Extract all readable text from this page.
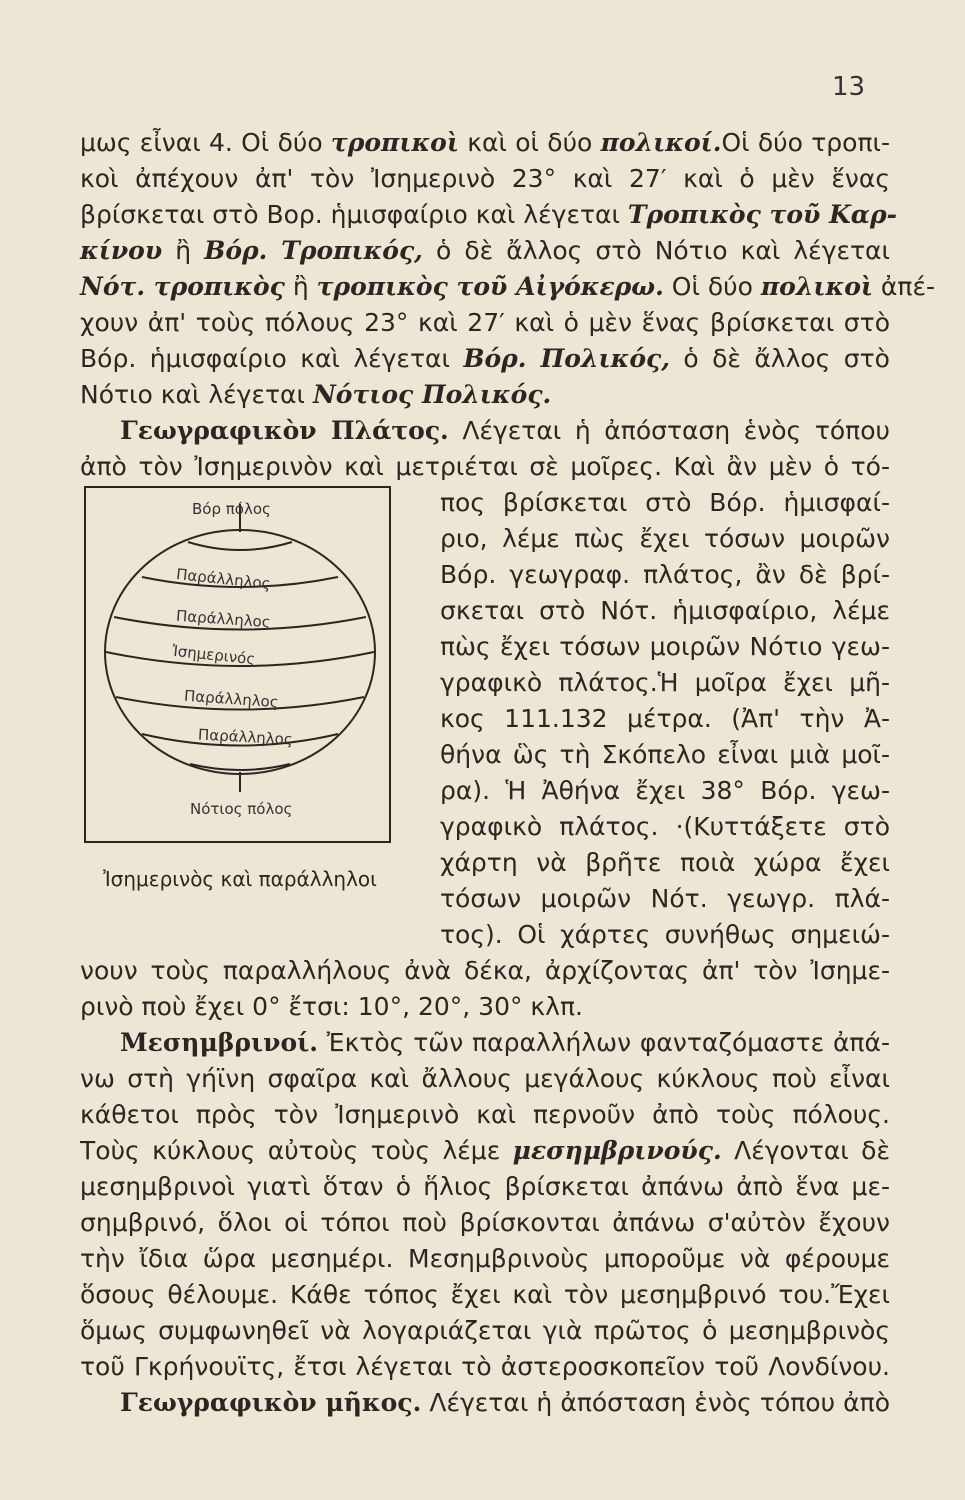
13
μως εἶναι 4. Οἱ δύο τροπικοὶ καὶ οἱ δύο πολικοί.Οἱ δύο τροπι-
κοὶ ἀπέχουν ἀπ' τὸν Ἰσημερινὸ 23° καὶ 27′ καὶ ὁ μὲν ἕνας
βρίσκεται στὸ Βορ. ἡμισφαίριο καὶ λέγεται Τροπικὸς τοῦ Καρ-
κίνου ἢ Βόρ. Τροπικός, ὁ δὲ ἄλλος στὸ Νότιο καὶ λέγεται
Νότ. τροπικὸς ἢ τροπικὸς τοῦ Αἰγόκερω. Οἱ δύο πολικοὶ ἀπέ-
χουν ἀπ' τοὺς πόλους 23° καὶ 27′ καὶ ὁ μὲν ἕνας βρίσκεται στὸ
Βόρ. ἡμισφαίριο καὶ λέγεται Βόρ. Πολικός, ὁ δὲ ἄλλος στὸ
Νότιο καὶ λέγεται Νότιος Πολικός.
Γεωγραφικὸν Πλάτος. Λέγεται ἡ ἀπόσταση ἑνὸς τόπου
ἀπὸ τὸν Ἰσημερινὸν καὶ μετριέται σὲ μοῖρες. Καὶ ἂν μὲν ὁ τό-
πος βρίσκεται στὸ Βόρ. ἡμισφαί-
ριο, λέμε πὼς ἔχει τόσων μοιρῶν
Βόρ. γεωγραφ. πλάτος, ἂν δὲ βρί-
σκεται στὸ Νότ. ἡμισφαίριο, λέμε
πὼς ἔχει τόσων μοιρῶν Νότιο γεω-
γραφικὸ πλάτος.Ἡ μοῖρα ἔχει μῆ-
κος 111.132 μέτρα. (Ἀπ' τὴν Ἀ-
θήνα ὣς τὴ Σκόπελο εἶναι μιὰ μοῖ-
ρα). Ἡ Ἀθήνα ἔχει 38° Βόρ. γεω-
γραφικὸ πλάτος. ·(Κυττάξετε στὸ
χάρτη νὰ βρῆτε ποιὰ χώρα ἔχει
τόσων μοιρῶν Νότ. γεωγρ. πλά-
τος). Οἱ χάρτες συνήθως σημειώ-
Βόρ πόλος
Παράλληλος
Παράλληλος
Ἰσημερινός
Παράλληλος
Παράλληλος
Νότιος πόλος
Ἰσημερινὸς καὶ παράλληλοι
νουν τοὺς παραλλήλους ἀνὰ δέκα, ἀρχίζοντας ἀπ' τὸν Ἰσημε-
ρινὸ ποὺ ἔχει 0° ἔτσι: 10°, 20°, 30° κλπ.
Μεσημβρινοί. Ἐκτὸς τῶν παραλλήλων φανταζόμαστε ἀπά-
νω στὴ γήϊνη σφαῖρα καὶ ἄλλους μεγάλους κύκλους ποὺ εἶναι
κάθετοι πρὸς τὸν Ἰσημερινὸ καὶ περνοῦν ἀπὸ τοὺς πόλους.
Τοὺς κύκλους αὐτοὺς τοὺς λέμε μεσημβρινούς. Λέγονται δὲ
μεσημβρινοὶ γιατὶ ὅταν ὁ ἥλιος βρίσκεται ἀπάνω ἀπὸ ἕνα με-
σημβρινό, ὅλοι οἱ τόποι ποὺ βρίσκονται ἀπάνω σ'αὐτὸν ἔχουν
τὴν ἴδια ὥρα μεσημέρι. Μεσημβρινοὺς μποροῦμε νὰ φέρουμε
ὅσους θέλουμε. Κάθε τόπος ἔχει καὶ τὸν μεσημβρινό του.Ἔχει
ὅμως συμφωνηθεῖ νὰ λογαριάζεται γιὰ πρῶτος ὁ μεσημβρινὸς
τοῦ Γκρήνουϊτς, ἔτσι λέγεται τὸ ἀστεροσκοπεῖον τοῦ Λονδίνου.
Γεωγραφικὸν μῆκος. Λέγεται ἡ ἀπόσταση ἑνὸς τόπου ἀπὸ
